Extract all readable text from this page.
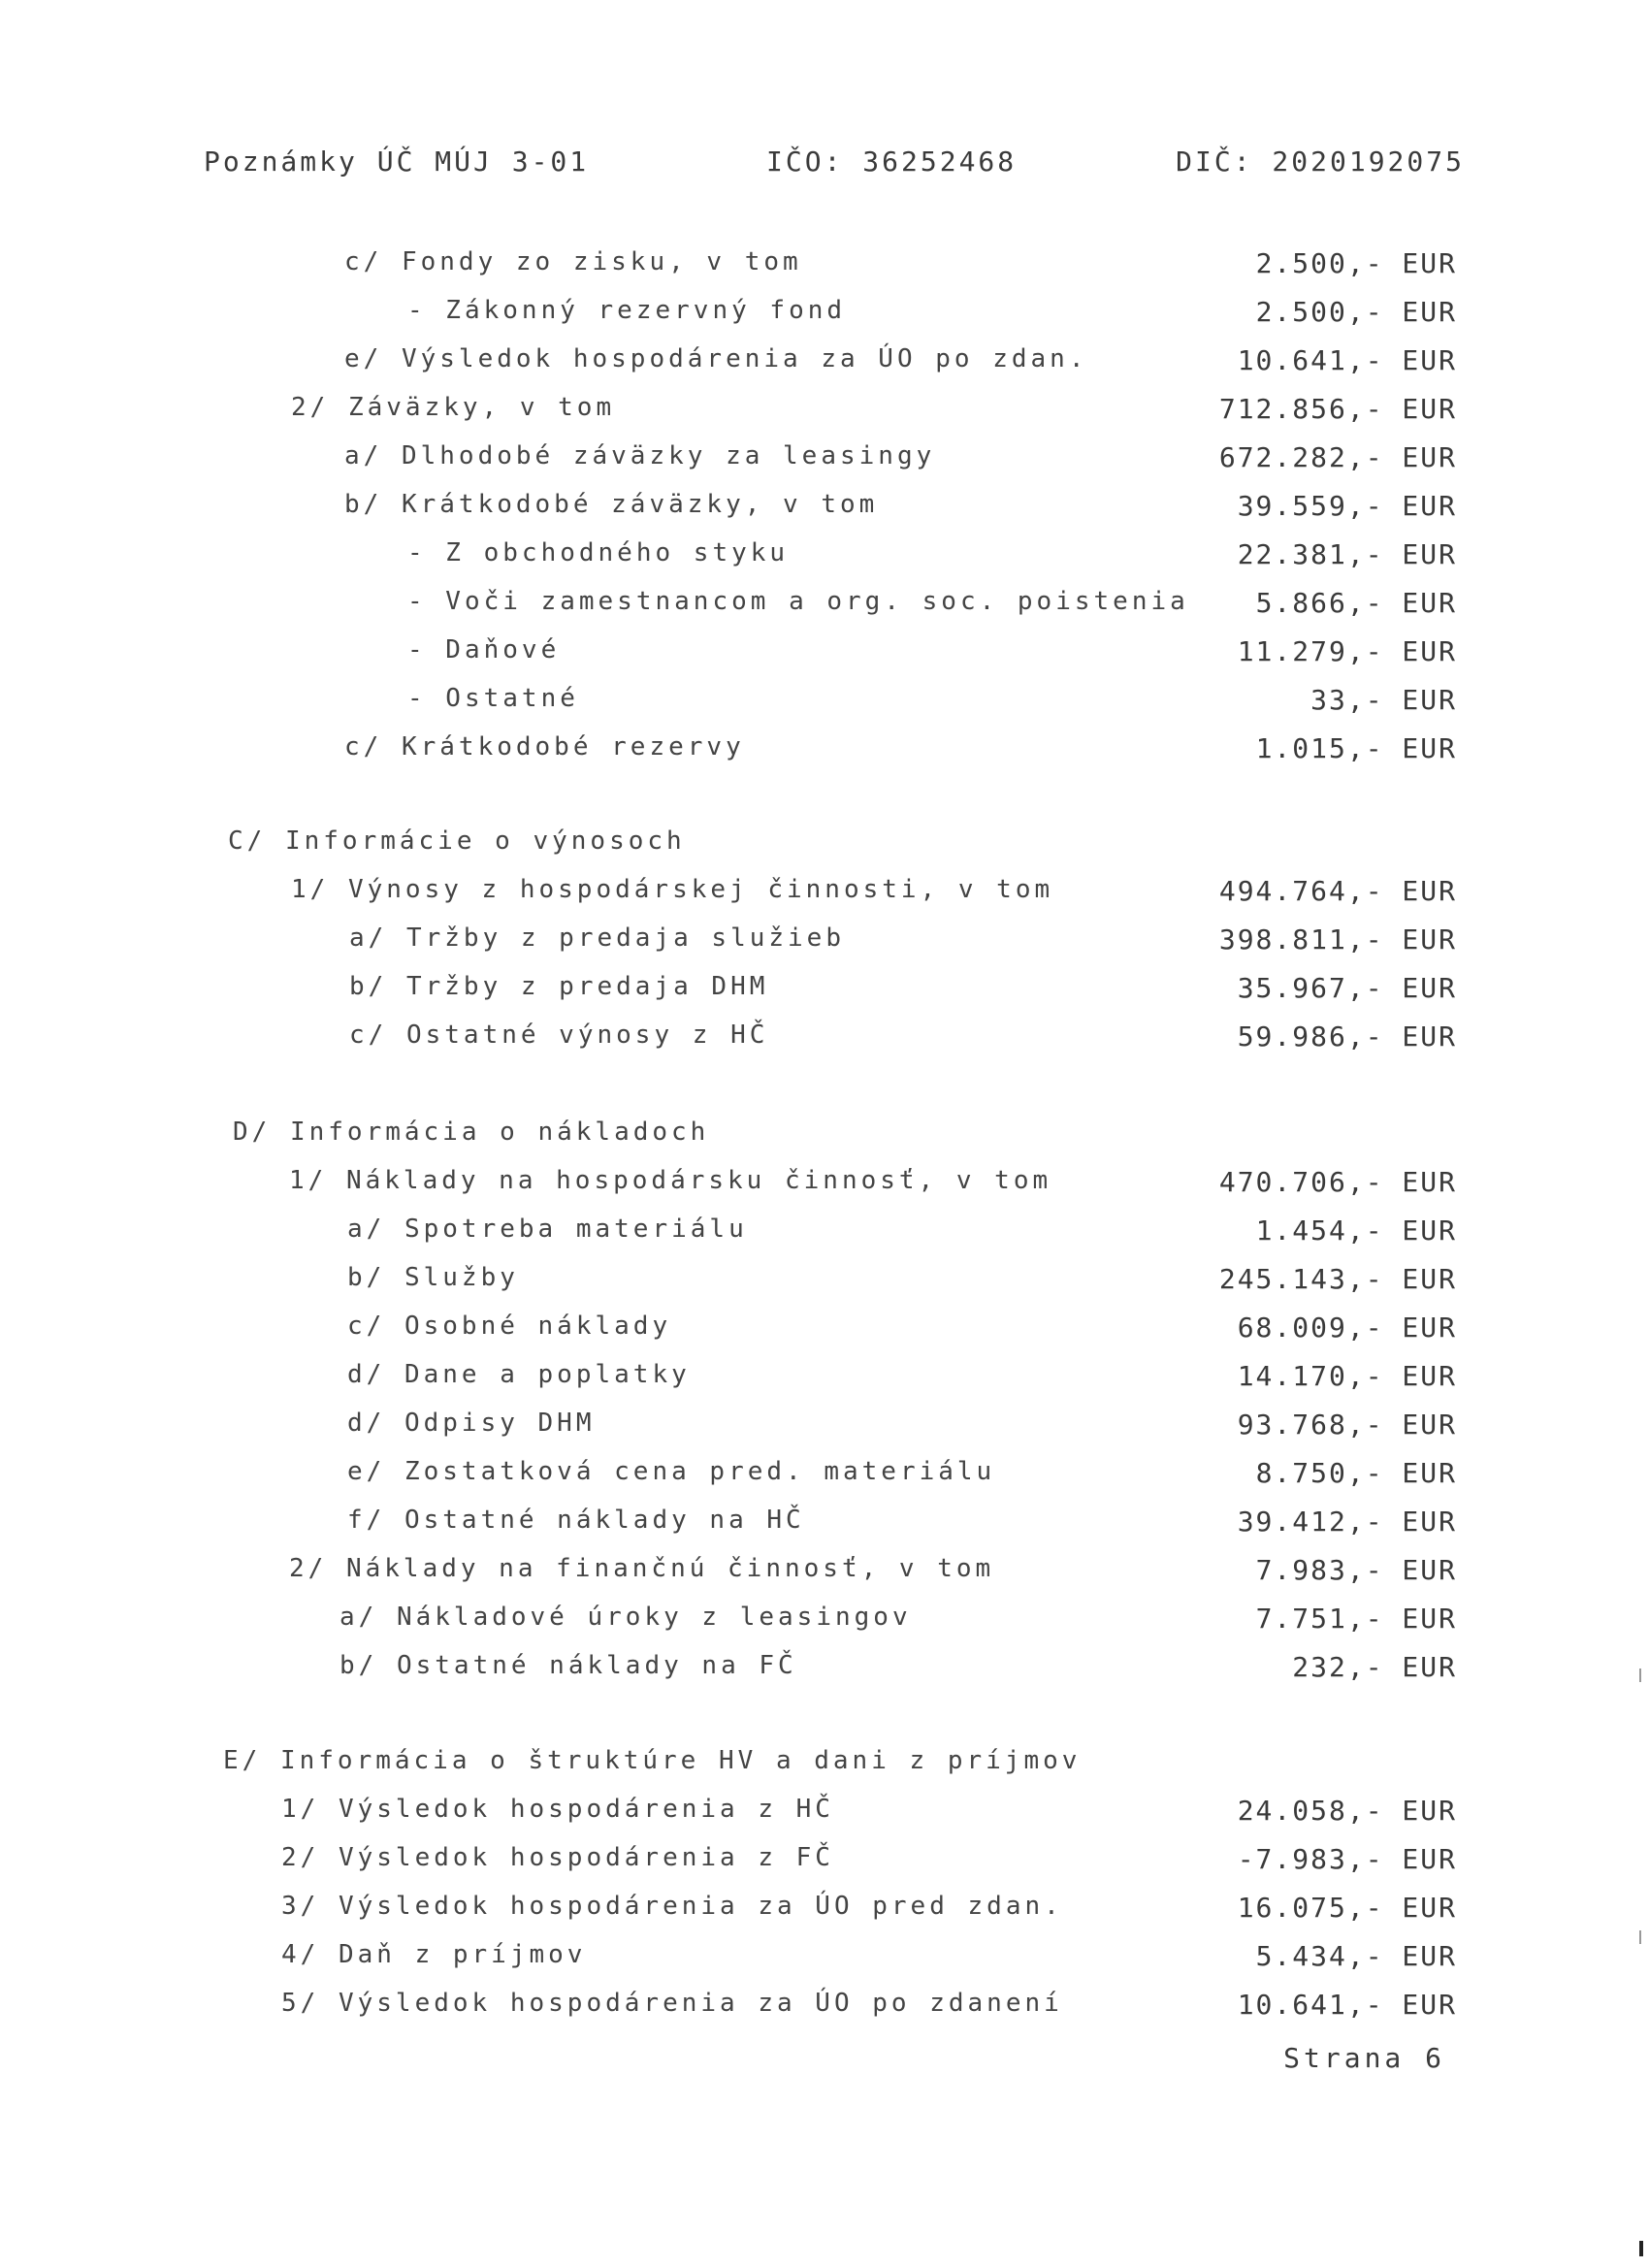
Poznámky ÚČ MÚJ 3-01	IČO: 36252468	DIČ: 2020192075
c/ Fondy zo zisku, v tom	2.500,- EUR
- Zákonný rezervný fond	2.500,- EUR
e/ Výsledok hospodárenia za ÚO po zdan.	10.641,- EUR
2/ Záväzky, v tom	712.856,- EUR
a/ Dlhodobé záväzky za leasingy	672.282,- EUR
b/ Krátkodobé záväzky, v tom	39.559,- EUR
- Z obchodného styku	22.381,- EUR
- Voči zamestnancom a org. soc. poistenia 5.866,- EUR
- Daňové	11.279,- EUR
- Ostatné	33,- EUR
c/ Krátkodobé rezervy	1.015,- EUR
C/ Informácie o výnosoch
1/ Výnosy z hospodárskej činnosti, v tom	494.764,- EUR
a/ Tržby z predaja služieb	398.811,- EUR
b/ Tržby z predaja DHM	35.967,- EUR
c/ Ostatné výnosy z HČ	59.986,- EUR
D/ Informácia o nákladoch
1/ Náklady na hospodársku činnosť, v tom	470.706,- EUR
a/ Spotreba materiálu	1.454,- EUR
b/ Služby	245.143,- EUR
c/ Osobné náklady	68.009,- EUR
d/ Dane a poplatky	14.170,- EUR
d/ Odpisy DHM	93.768,- EUR
e/ Zostatková cena pred. materiálu	8.750,- EUR
f/ Ostatné náklady na HČ	39.412,- EUR
2/ Náklady na finančnú činnosť, v tom	7.983,- EUR
a/ Nákladové úroky z leasingov	7.751,- EUR
b/ Ostatné náklady na FČ	232,- EUR
E/ Informácia o štruktúre HV a dani z príjmov
1/ Výsledok hospodárenia z HČ	24.058,- EUR
2/ Výsledok hospodárenia z FČ	-7.983,- EUR
3/ Výsledok hospodárenia za ÚO pred zdan.	16.075,- EUR
4/ Daň z príjmov	5.434,- EUR
5/ Výsledok hospodárenia za ÚO po zdanení	10.641,- EUR
Strana 6
